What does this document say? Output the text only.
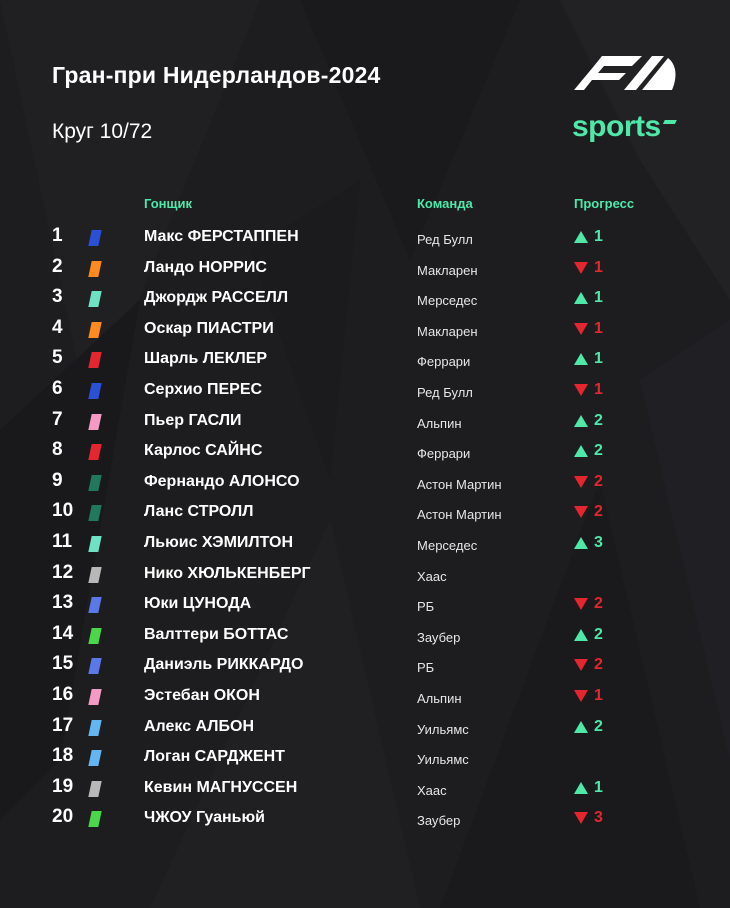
Гран-при Нидерландов-2024
Круг 10/72	sports
Гонщик	Команда	Прогресс
1	Макс ФЕРСТАППЕН	Ред Булл	1
2	Ландо НОРРИС	Макларен	1
3	Джордж РАССЕЛЛ	Мерседес	1
4	Оскар ПИАСТРИ	Макларен	1
5	Шарль ЛЕКЛЕР	Феррари	1
6	Серхио ПЕРЕС	Ред Булл	1
7	Пьер ГАСЛИ	Альпин	2
8	Карлос САЙНС	Феррари	2
9	Фернандо АЛОНСО	Астон Мартин	2
10	Ланс СТРОЛЛ	Астон Мартин	2
11	Льюис ХЭМИЛТОН	Мерседес	3
12	Нико ХЮЛЬКЕНБЕРГ	Хаас
13	Юки ЦУНОДА	РБ	2
14	Валттери БОТТАС	Заубер	2
15	Даниэль РИККАРДО	РБ	2
16	Эстебан ОКОН	Альпин	1
17	Алекс АЛБОН	Уильямс	2
18	Логан САРДЖЕНТ	Уильямс
19	Кевин МАГНУССЕН	Хаас	1
20	ЧЖОУ Гуаньюй	Заубер	3
